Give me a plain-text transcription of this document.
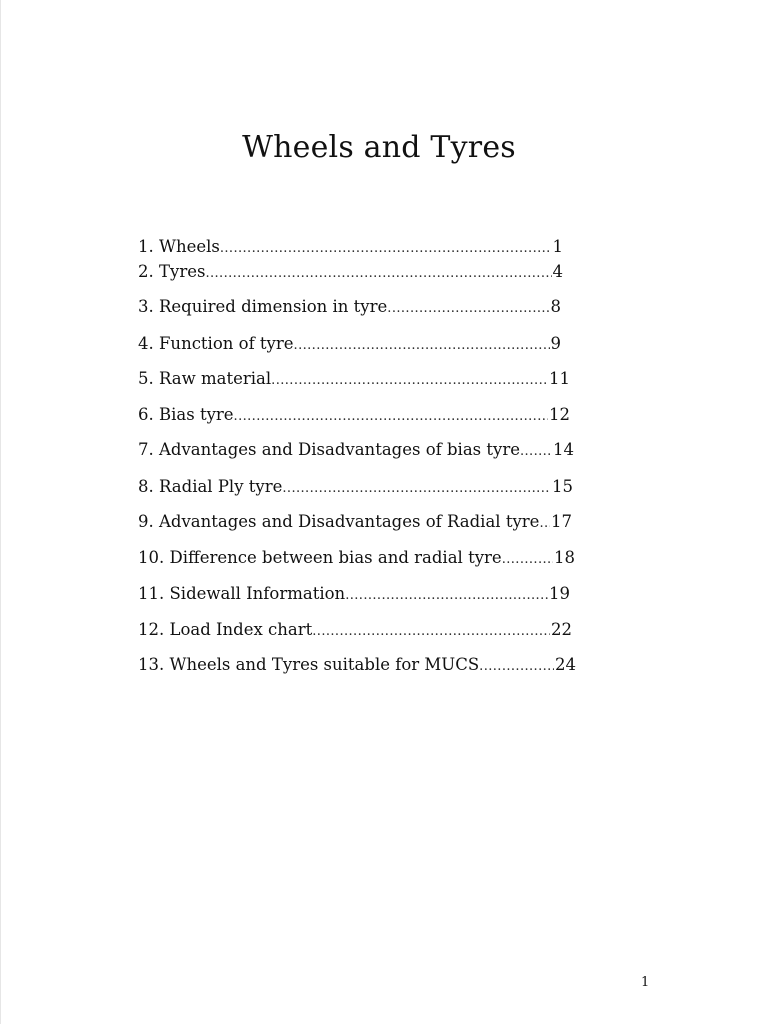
Wheels and Tyres
1. Wheels .....	1
2. Tyres .....	4
3. Required dimension in tyre .....	8
4. Function of tyre .....	9
5. Raw material .....	11
6. Bias tyre .....	12
7. Advantages and Disadvantages of bias tyre ..... 14
8. Radial Ply tyre .....	15
9. Advantages and Disadvantages of Radial tyre ..... 17
10. Difference between bias and radial tyre .....	18
11. Sidewall Information .....	19
12. Load Index chart .....	22
13. Wheels and Tyres suitable for MUCS .....	24
1
